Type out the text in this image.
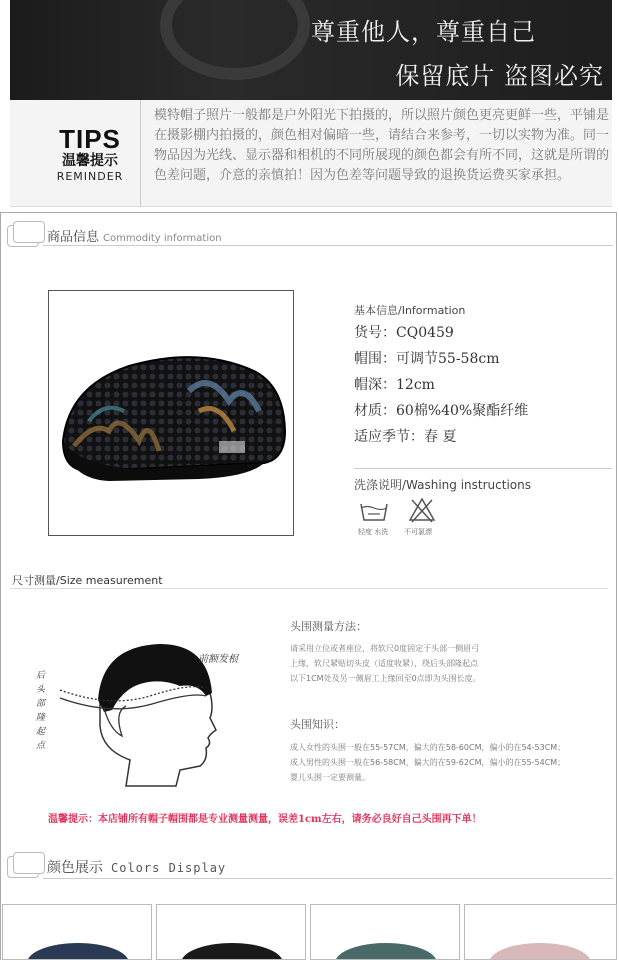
尊重他人，尊重自己
保留底片 盗图必究
TIPS
温馨提示
REMINDER
模特帽子照片一般都是户外阳光下拍摄的，所以照片颜色更亮更鲜一些，平铺是在摄影棚内拍摄的，颜色相对偏暗一些，请结合来参考，一切以实物为准。同一物品因为光线、显示器和相机的不同所展现的颜色都会有所不同，这就是所谓的色差问题，介意的亲慎拍！因为色差等问题导致的退换货运费买家承担。
商品信息 Commodity information
基本信息/Information
货号：CQ0459
帽围：可调节55-58cm
帽深：12cm
材质：60棉%40%聚酯纤维
适应季节：春 夏
洗涤说明/Washing instructions
轻度 水洗 不可氯漂
尺寸测量/Size measurement
前额发根
后头部隆起点
头围测量方法：
请采用立位或者座位，将软尺0度固定于头部一侧眉弓
上缘，软尺紧贴切头皮（适度收紧），绕后头部隆起点
以下1CM处及另一侧眉工上缘回至0点即为头围长度。
头围知识：
成人女性的头围一般在55-57CM，偏大的在58-60CM，偏小的在54-53CM；
成人男性的头围一般在56-58CM，偏大的在59-62CM，偏小的在55-54CM；
婴儿头围一定要测量。
温馨提示：本店铺所有帽子帽围都是专业测量测量，误差1cm左右，请务必良好自己头围再下单！
颜色展示 Colors Display
